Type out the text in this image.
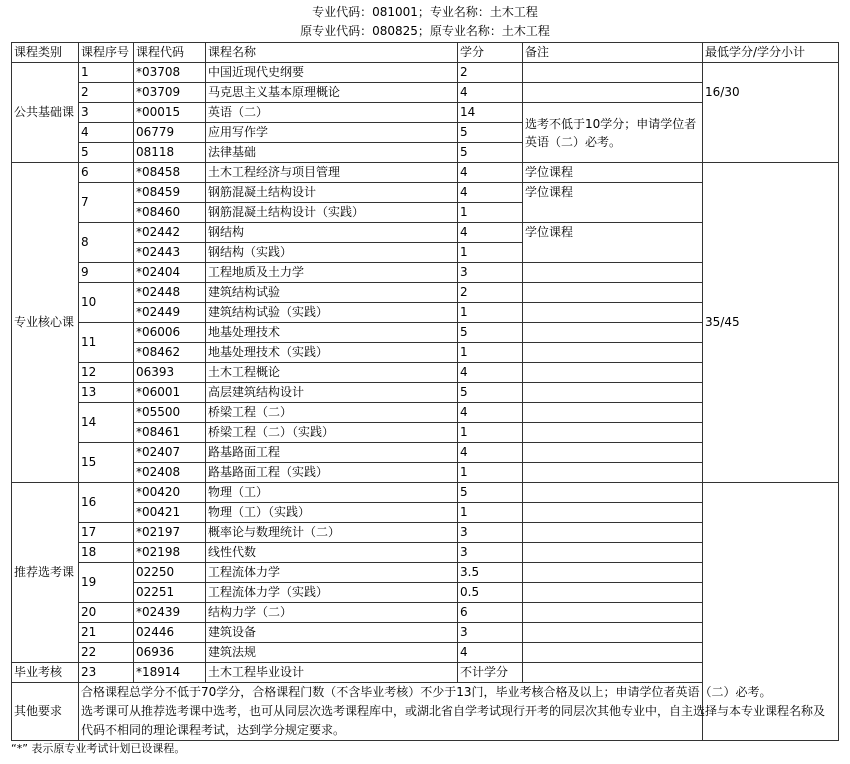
专业代码：081001；专业名称：土木工程
原专业代码：080825；原专业名称：土木工程
课程类别	课程序号	课程代码	课程名称	学分	备注	最低学分/学分小计
公共基础课	1	*03708	中国近现代史纲要	2		16/30
	2	*03709	马克思主义基本原理概论	4		
	3	*00015	英语（二）	14	选考不低于10学分；申请学位者英语（二）必考。	
	4	06779	应用写作学	5		
	5	08118	法律基础	5		
专业核心课	6	*08458	土木工程经济与项目管理	4	学位课程	35/45
	7	*08459	钢筋混凝土结构设计	4	学位课程	
		*08460	钢筋混凝土结构设计（实践）	1		
	8	*02442	钢结构	4	学位课程	
		*02443	钢结构（实践）	1		
	9	*02404	工程地质及土力学	3		
	10	*02448	建筑结构试验	2		
		*02449	建筑结构试验（实践）	1		
	11	*06006	地基处理技术	5		
		*08462	地基处理技术（实践）	1		
	12	06393	土木工程概论	4		
	13	*06001	高层建筑结构设计	5		
	14	*05500	桥梁工程（二）	4		
		*08461	桥梁工程（二）（实践）	1		
	15	*02407	路基路面工程	4		
		*02408	路基路面工程（实践）	1		
推荐选考课	16	*00420	物理（工）	5		
		*00421	物理（工）（实践）	1		
	17	*02197	概率论与数理统计（二）	3		
	18	*02198	线性代数	3		
	19	02250	工程流体力学	3.5		
		02251	工程流体力学（实践）	0.5		
	20	*02439	结构力学（二）	6		
	21	02446	建筑设备	3		
	22	06936	建筑法规	4		
毕业考核	23	*18914	土木工程毕业设计	不计学分		
其他要求	合格课程总学分不低于70学分，合格课程门数（不含毕业考核）不少于13门，毕业考核合格及以上；申请学位者英语（二）必考。
选考课可从推荐选考课中选考，也可从同层次选考课程库中，或湖北省自学考试现行开考的同层次其他专业中，自主选择与本专业课程名称及代码不相同的理论课程考试，达到学分规定要求。					
“*” 表示原专业考试计划已设课程。
